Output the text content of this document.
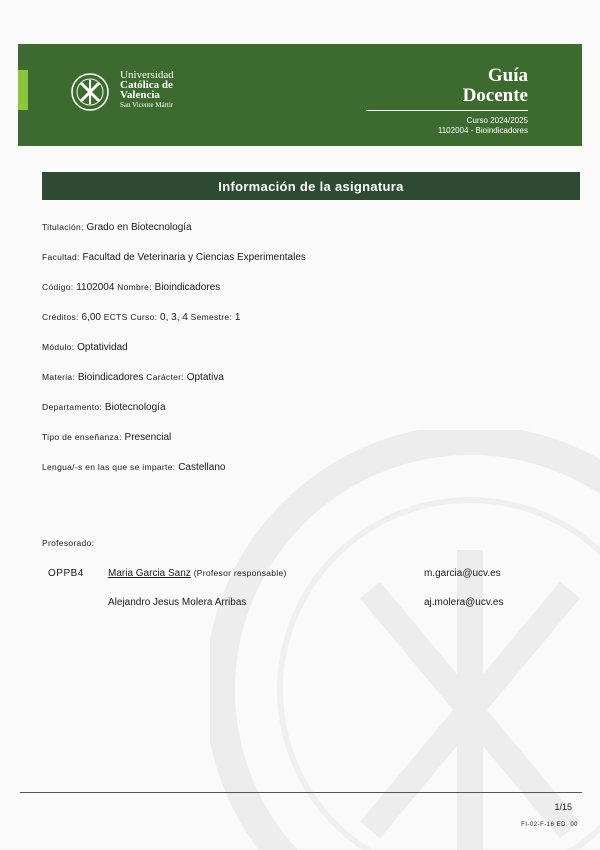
Universidad
Católica de
Valencia
San Vicente Mártir
Guía
Docente
Curso 2024/2025
1102004 - Bioindicadores
Información de la asignatura
Titulación: Grado en Biotecnología
Facultad: Facultad de Veterinaria y Ciencias Experimentales
Código: 1102004 Nombre: Bioindicadores
Créditos: 6,00 ECTS Curso: 0, 3, 4 Semestre: 1
Módulo: Optatividad
Materia: Bioindicadores Carácter: Optativa
Departamento: Biotecnología
Tipo de enseñanza: Presencial
Lengua/-s en las que se imparte: Castellano
Profesorado:
OPPB4 Maria Garcia Sanz (Profesor responsable)	m.garcia@ucv.es
Alejandro Jesus Molera Arribas	aj.molera@ucv.es
1/15
FI-02-F-16 ED. 00
